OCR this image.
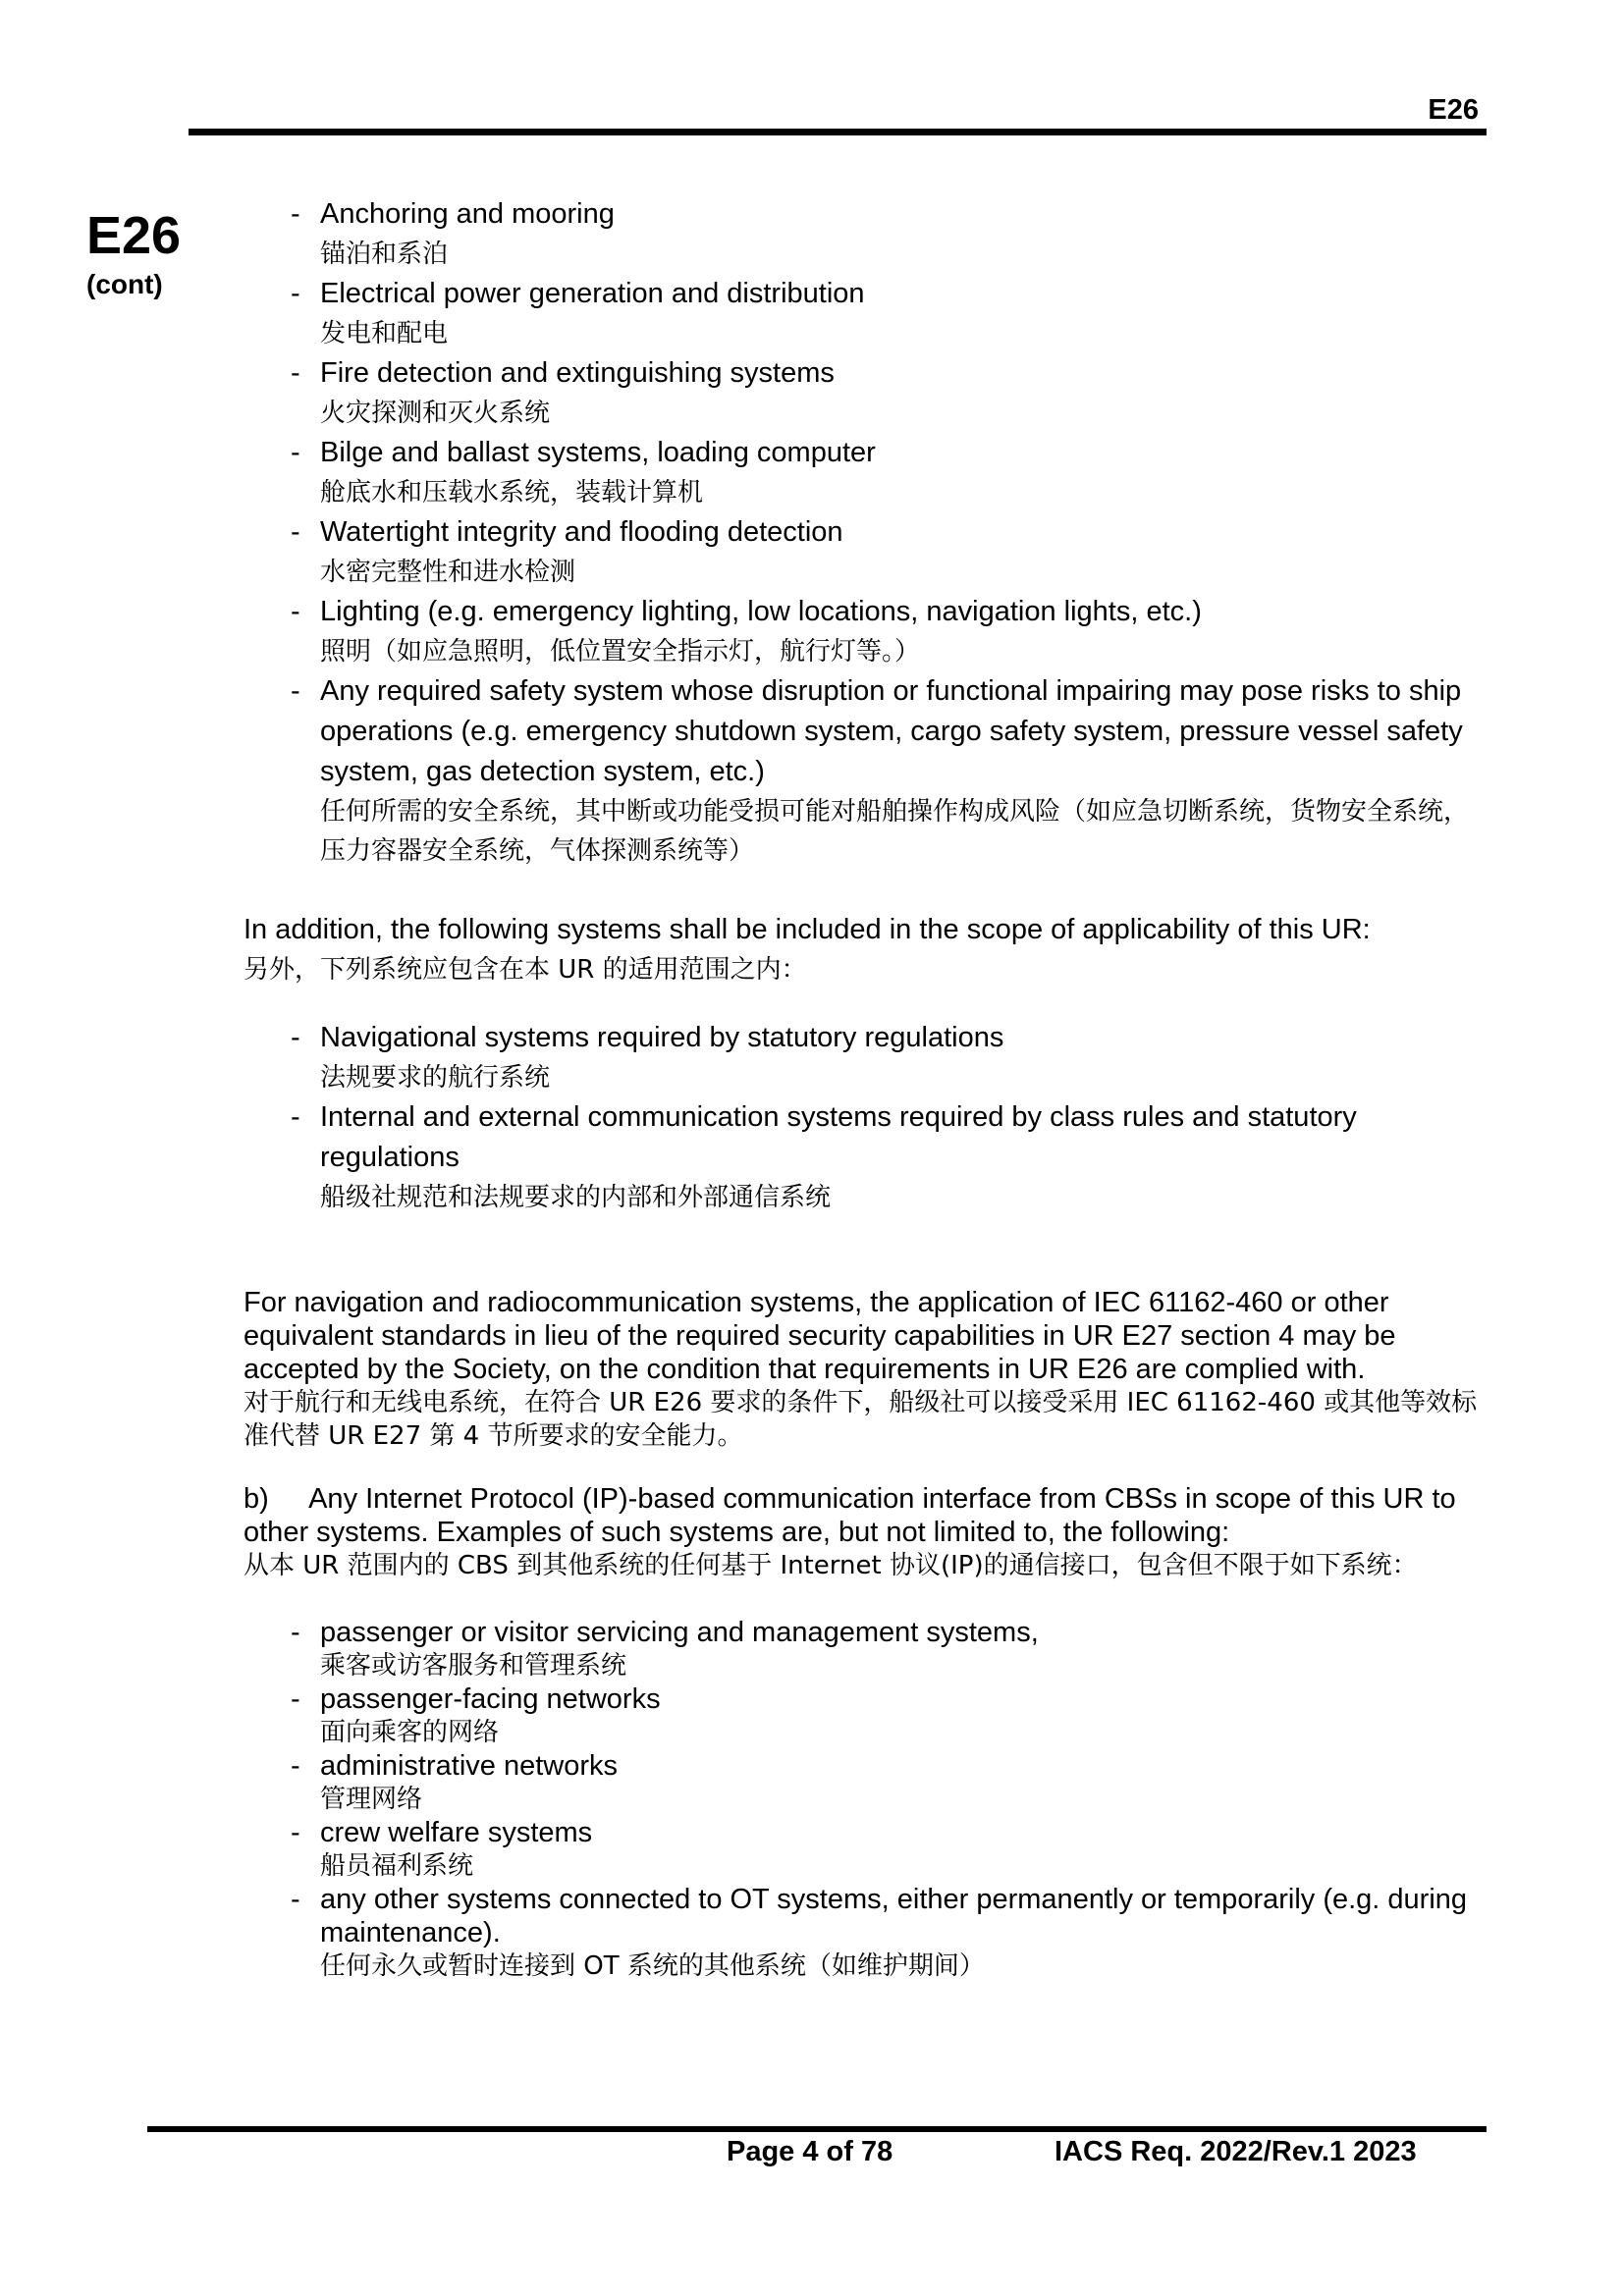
E26
E26
(cont)
- Anchoring and mooring
锚泊和系泊
- Electrical power generation and distribution
发电和配电
- Fire detection and extinguishing systems
火灾探测和灭火系统
- Bilge and ballast systems, loading computer
舱底水和压载水系统，装载计算机
- Watertight integrity and flooding detection
水密完整性和进水检测
- Lighting (e.g. emergency lighting, low locations, navigation lights, etc.)
照明（如应急照明，低位置安全指示灯，航行灯等。）
- Any required safety system whose disruption or functional impairing may pose risks to ship operations (e.g. emergency shutdown system, cargo safety system, pressure vessel safety system, gas detection system, etc.)
任何所需的安全系统，其中断或功能受损可能对船舶操作构成风险（如应急切断系统，货物安全系统，压力容器安全系统，气体探测系统等）

In addition, the following systems shall be included in the scope of applicability of this UR:

另外，下列系统应包含在本 UR 的适用范围之内：

- Navigational systems required by statutory regulations
法规要求的航行系统
- Internal and external communication systems required by class rules and statutory regulations
船级社规范和法规要求的内部和外部通信系统

For navigation and radiocommunication systems, the application of IEC 61162-460 or other equivalent standards in lieu of the required security capabilities in UR E27 section 4 may be accepted by the Society, on the condition that requirements in UR E26 are complied with.

对于航行和无线电系统，在符合 UR E26 要求的条件下，船级社可以接受采用 IEC 61162-460 或其他等效标准代替 UR E27 第 4 节所要求的安全能力。

b) Any Internet Protocol (IP)-based communication interface from CBSs in scope of this UR to other systems. Examples of such systems are, but not limited to, the following:

从本 UR 范围内的 CBS 到其他系统的任何基于 Internet 协议(IP)的通信接口，包含但不限于如下系统：

- passenger or visitor servicing and management systems,
乘客或访客服务和管理系统
- passenger-facing networks
面向乘客的网络
- administrative networks
管理网络
- crew welfare systems
船员福利系统
- any other systems connected to OT systems, either permanently or temporarily (e.g. during maintenance).
任何永久或暂时连接到 OT 系统的其他系统（如维护期间）
Page 4 of 78	IACS Req. 2022/Rev.1 2023
